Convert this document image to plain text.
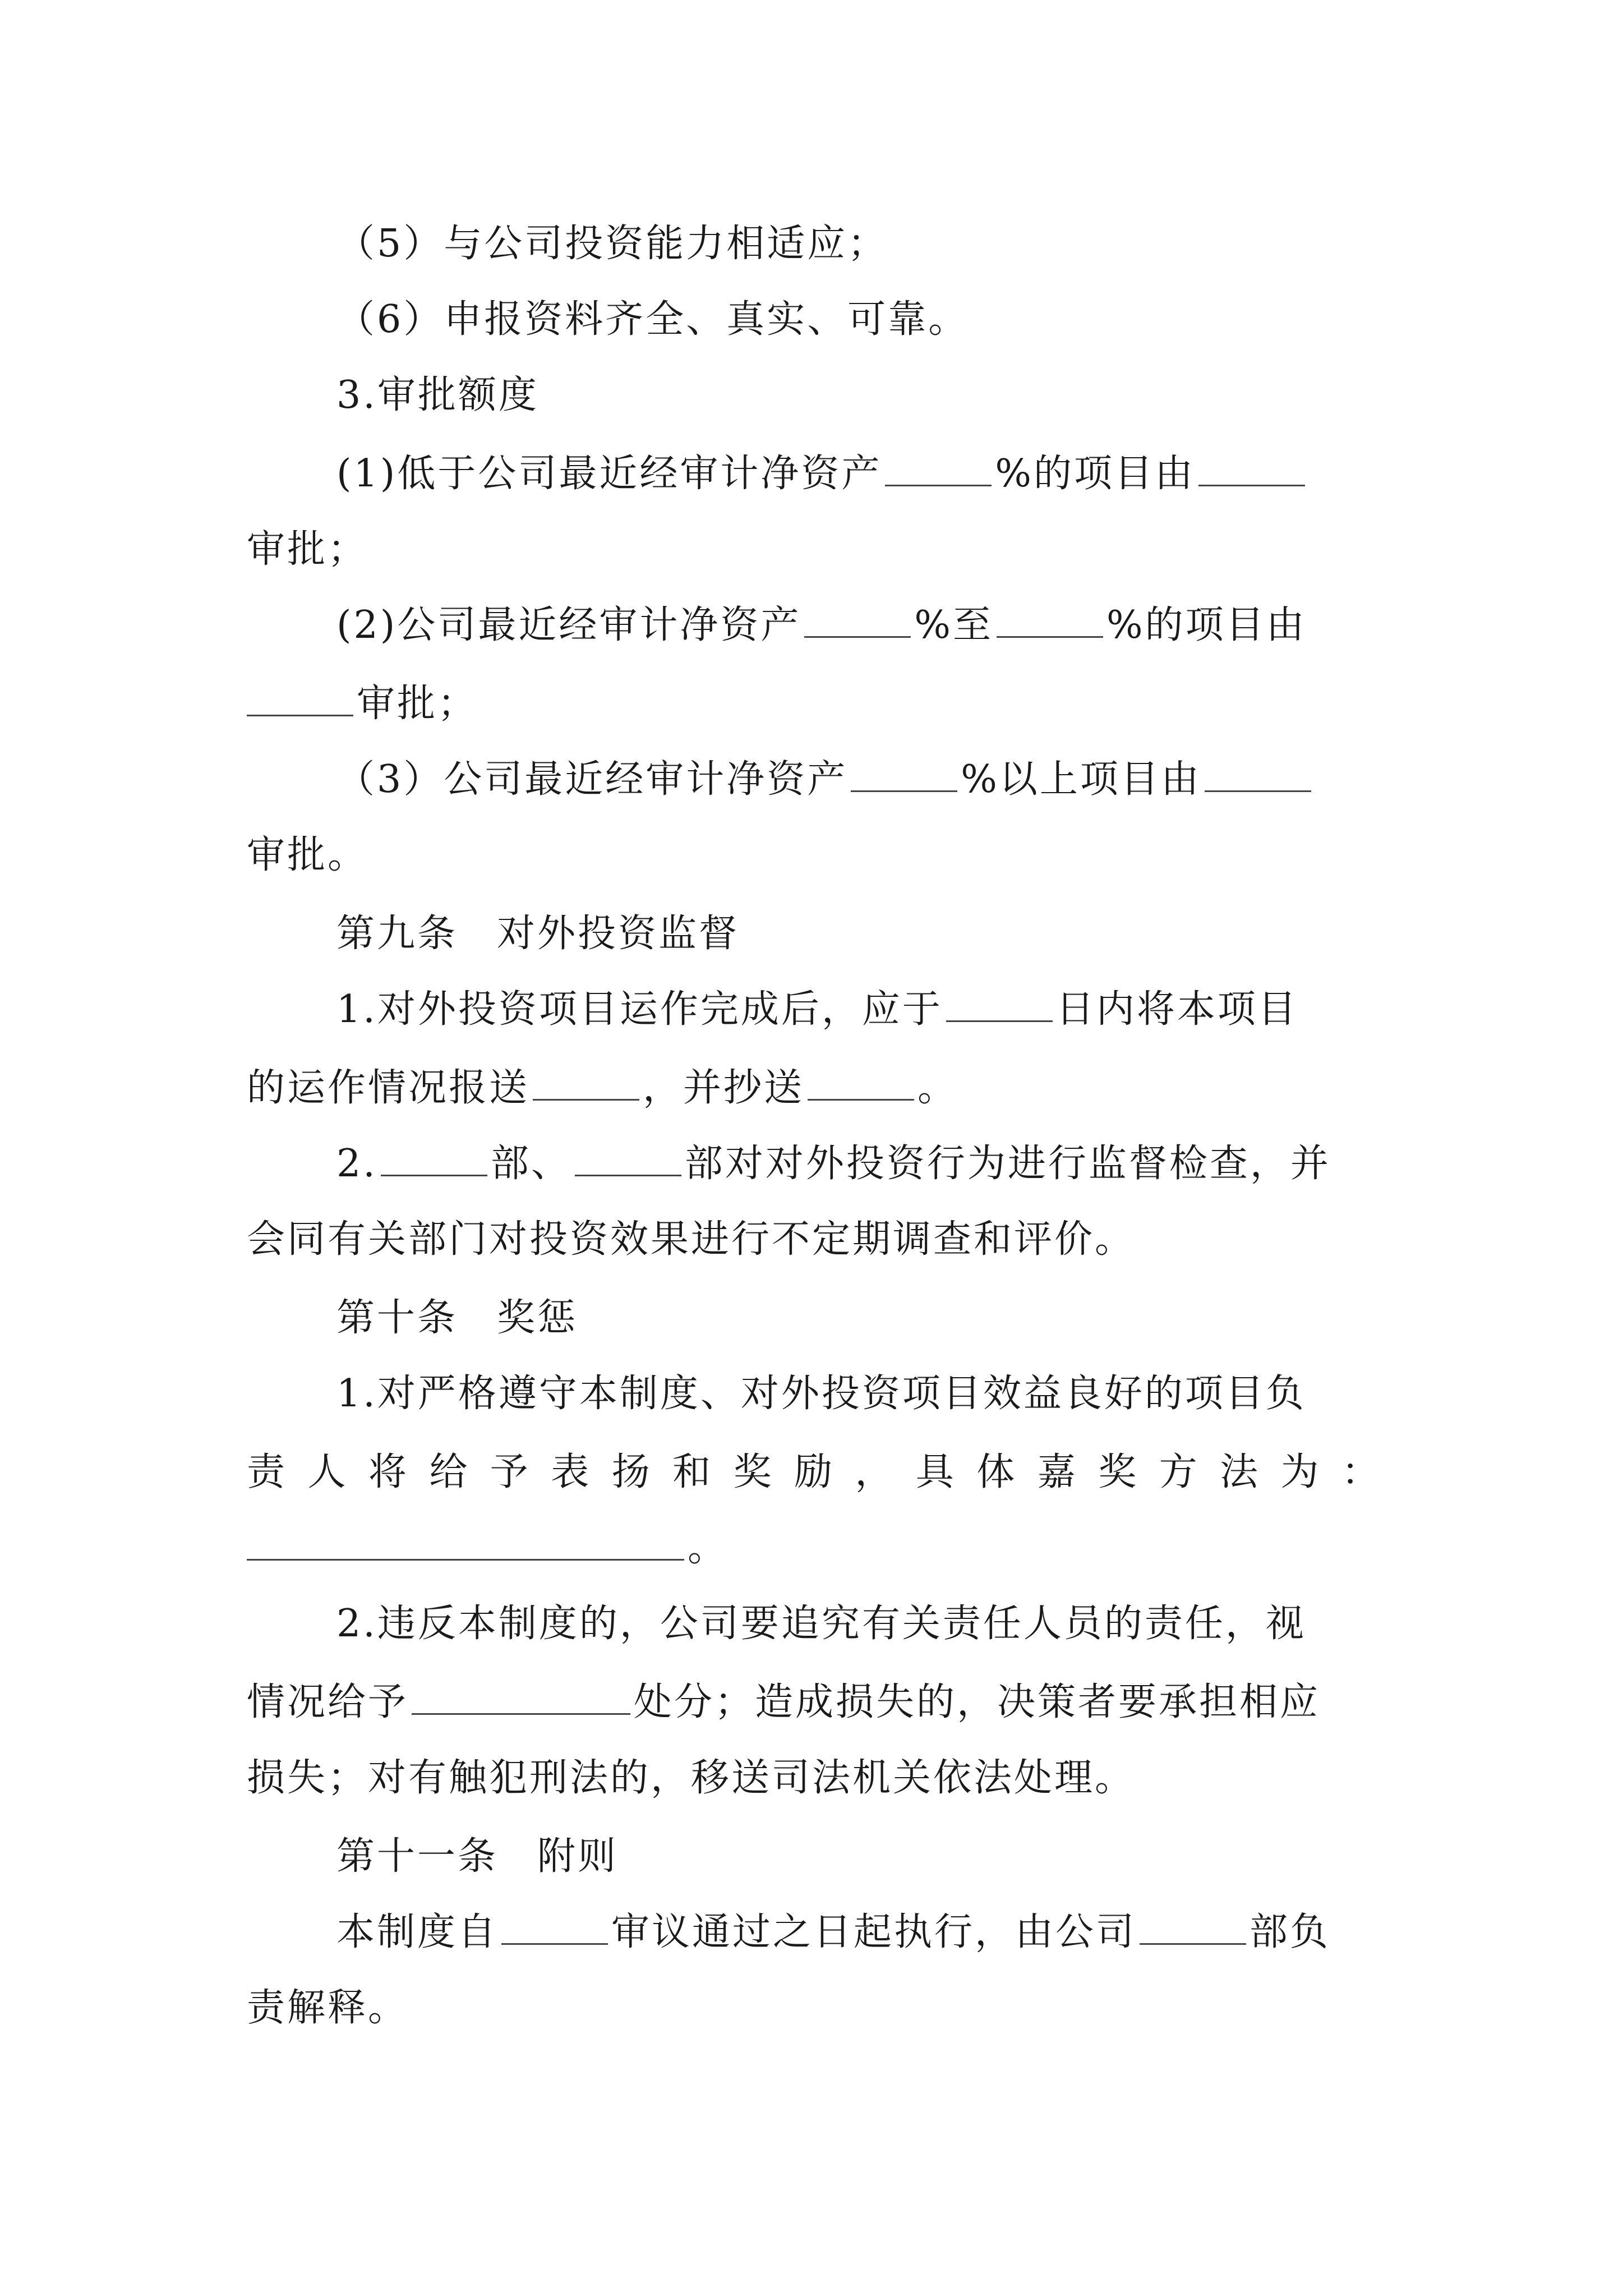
（5）与公司投资能力相适应；
（6）申报资料齐全、真实、可靠。
3.审批额度
(1)低于公司最近经审计净资产	%的项目由
审批；
(2)公司最近经审计净资产	%至	%的项目由
审批；
（3）公司最近经审计净资产	%以上项目由
审批。
第九条 对外投资监督
1.对外投资项目运作完成后，应于	日内将本项目
的运作情况报送	，并抄送	。
2.	部、	部对对外投资行为进行监督检查，并
会同有关部门对投资效果进行不定期调查和评价。
第十条 奖惩
1.对严格遵守本制度、对外投资项目效益良好的项目负
责 人 将 给 予 表 扬 和 奖 励 ， 具 体 嘉 奖 方 法 为 ：
。
2.违反本制度的，公司要追究有关责任人员的责任，视
情况给予	处分；造成损失的，决策者要承担相应
损失；对有触犯刑法的，移送司法机关依法处理。
第十一条 附则
本制度自	审议通过之日起执行，由公司	部负
责解释。
